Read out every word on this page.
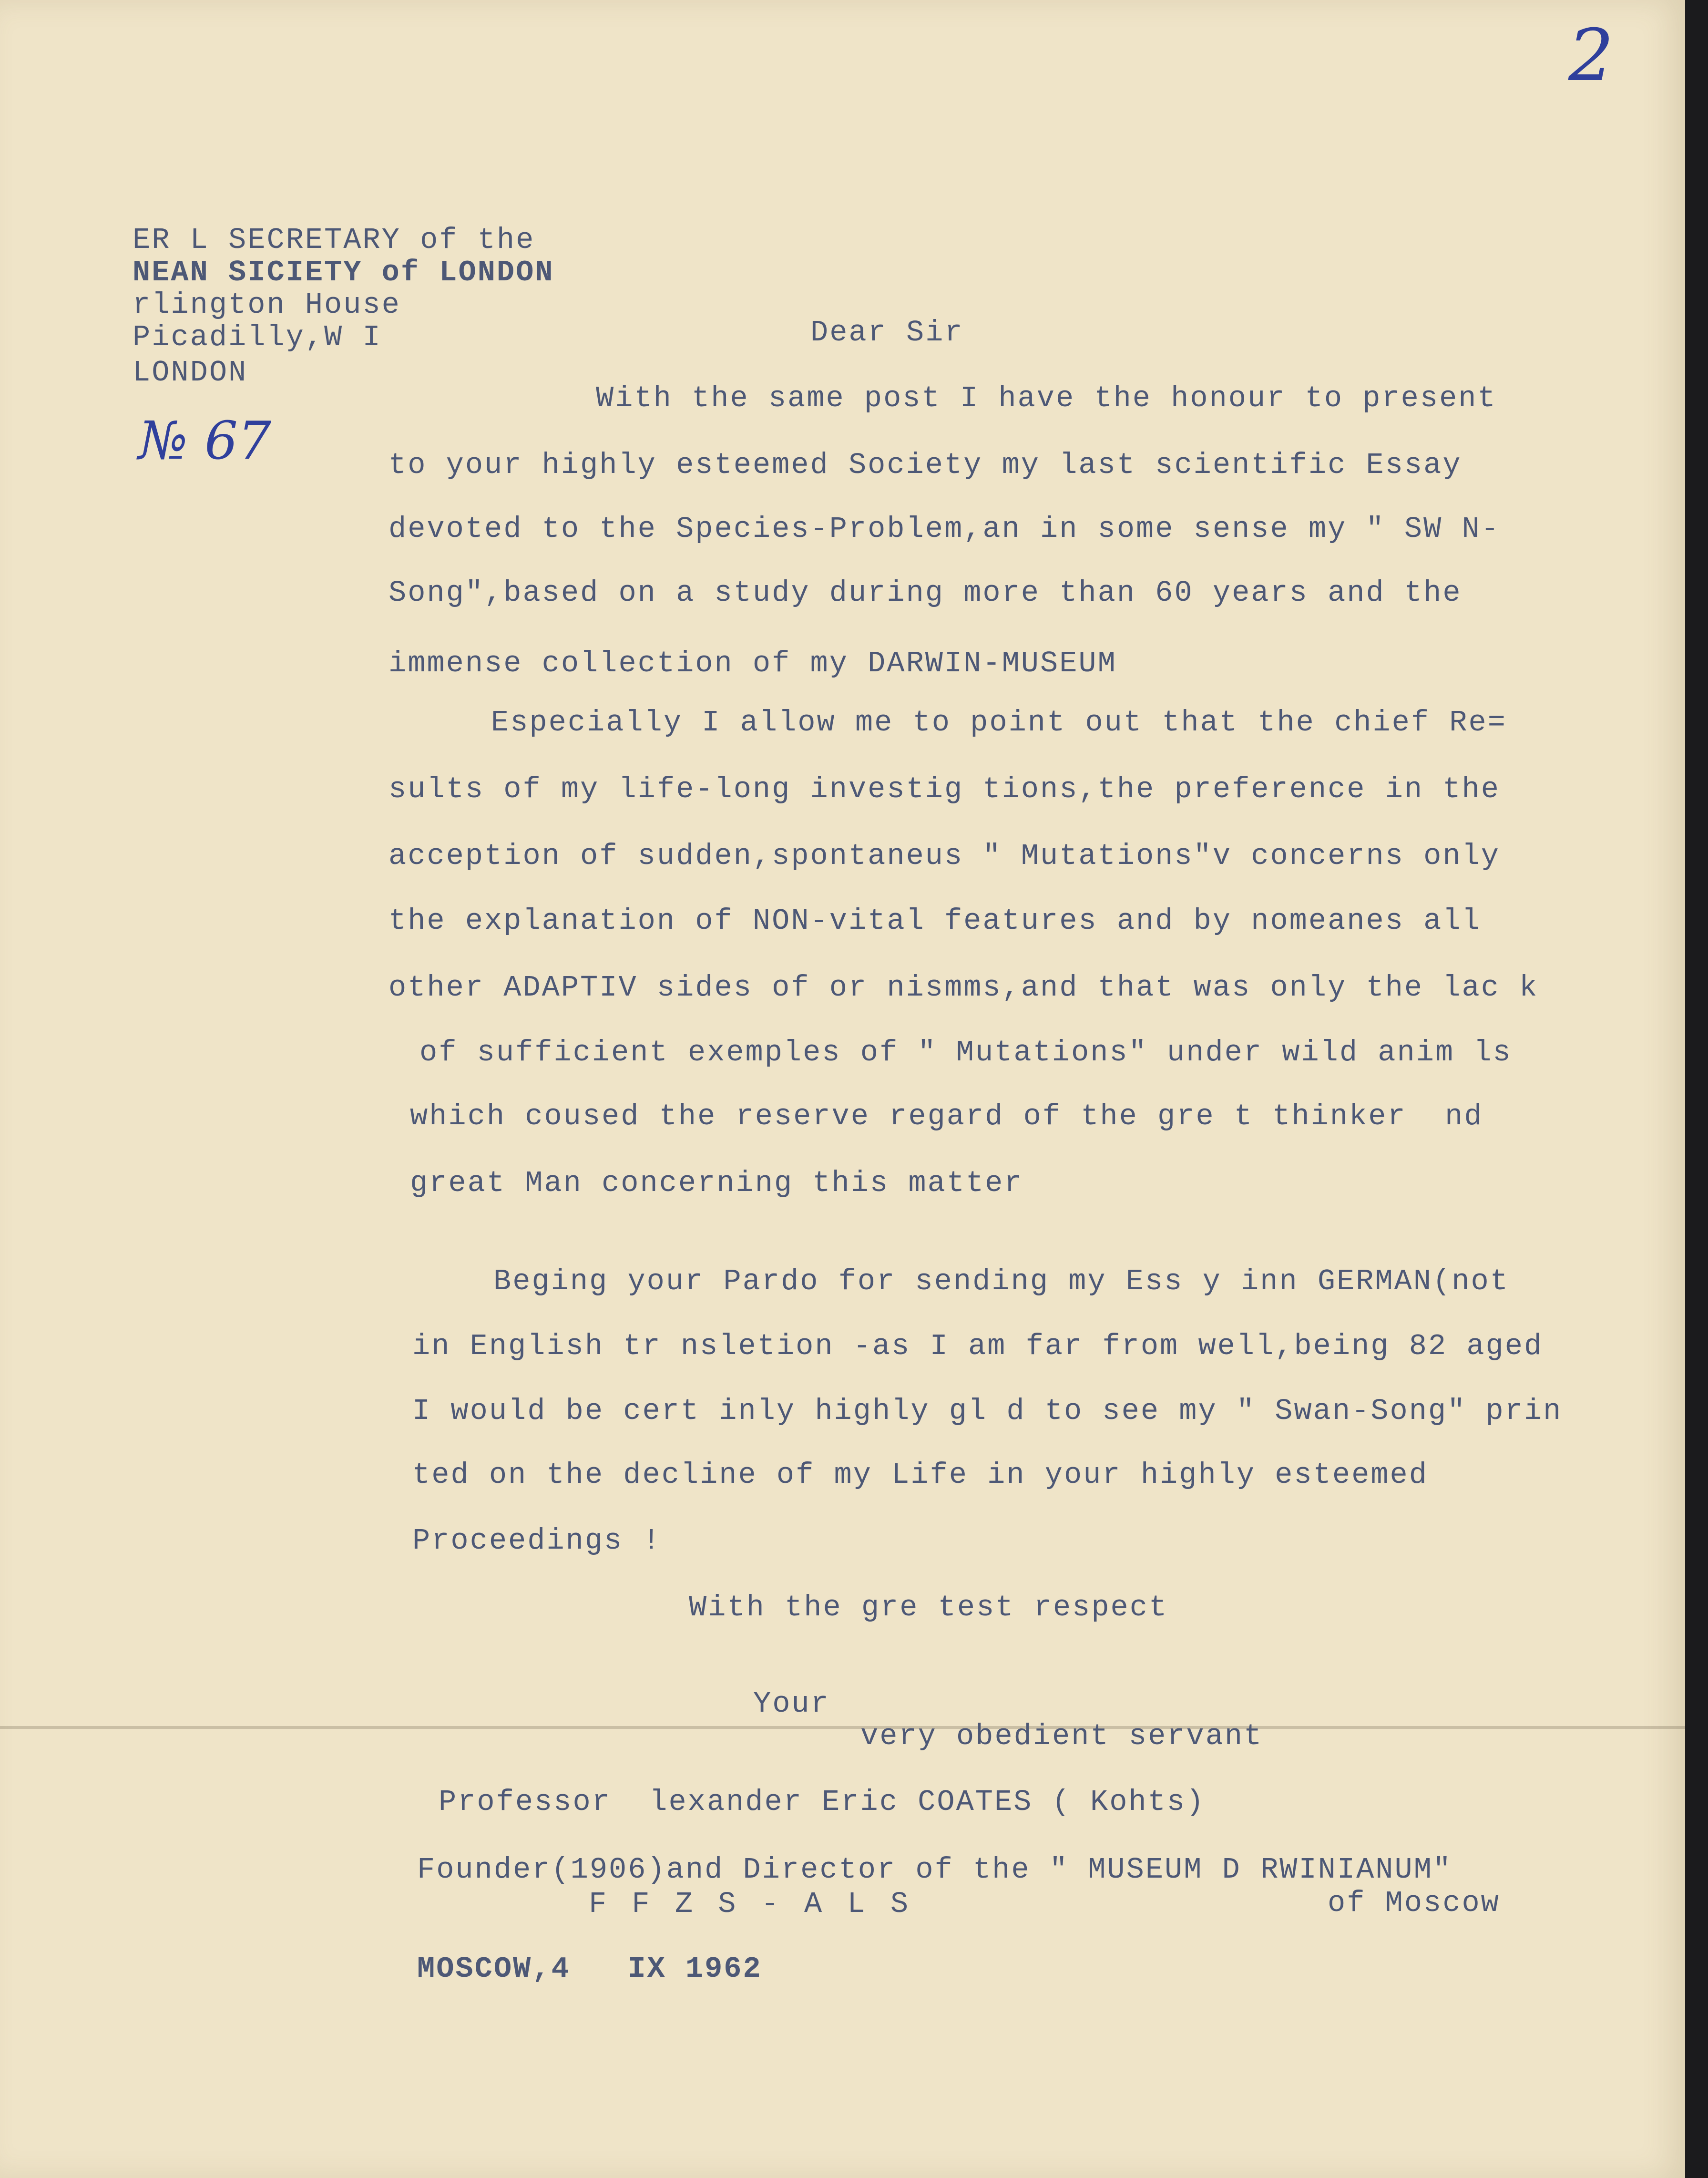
2
№ 67
ER L SECRETARY of the
NEAN SICIETY of LONDON
rlington House
Picadilly,W I
LONDON
Dear Sir
With the same post I have the honour to present
to your highly esteemed Society my last scientific Essay
devoted to the Species-Problem,an in some sense my " SW N-
Song",based on a study during more than 60 years and the
immense collection of my DARWIN-MUSEUM
Especially I allow me to point out that the chief Re=
sults of my life-long investig tions,the preference in the
acception of sudden,spontaneus " Mutations"v concerns only
the explanation of NON-vital features and by nomeanes all
other ADAPTIV sides of or nismms,and that was only the lac k
of sufficient exemples of " Mutations" under wild anim ls
which coused the reserve regard of the gre t thinker  nd
great Man concerning this matter
Beging your Pardo for sending my Ess y inn GERMAN(not
in English tr nsletion -as I am far from well,being 82 aged
I would be cert inly highly gl d to see my " Swan-Song" prin
ted on the decline of my Life in your highly esteemed
Proceedings !
With the gre test respect
Your
very obedient servant
Professor  lexander Eric COATES ( Kohts)
Founder(1906)and Director of the " MUSEUM D RWINIANUM"
F F Z S - A L S	of Moscow
MOSCOW,4   IX 1962
